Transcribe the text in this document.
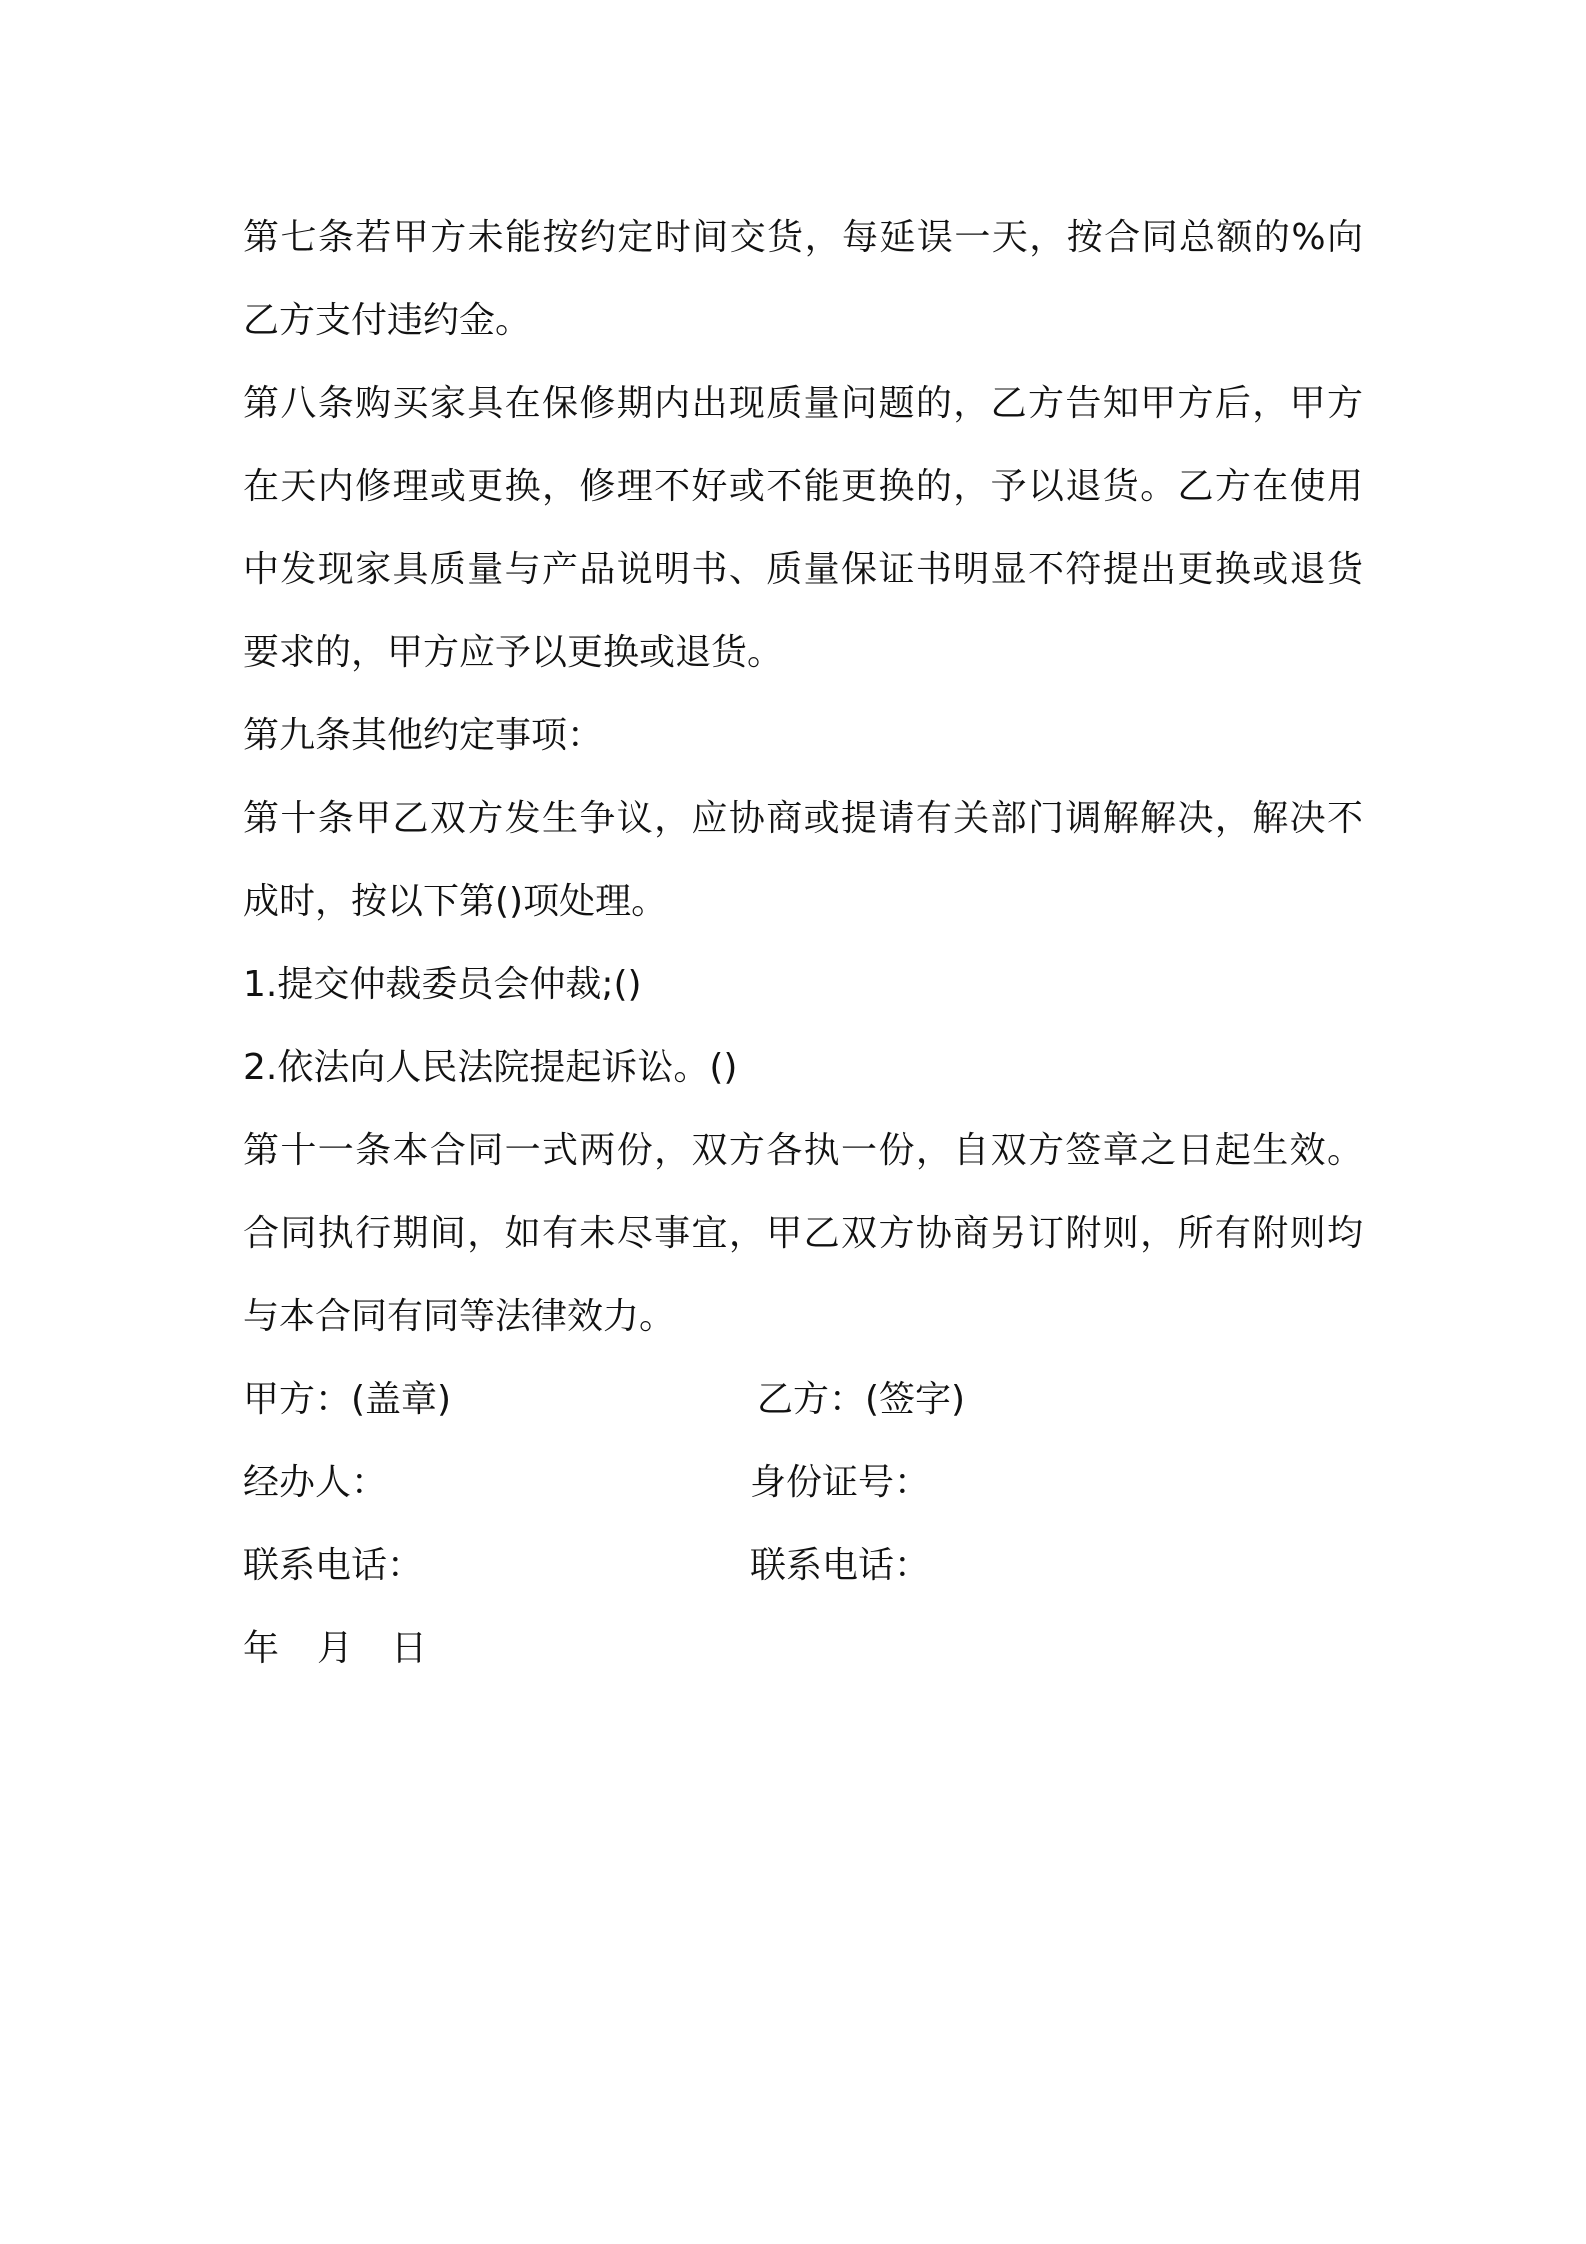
第七条若甲方未能按约定时间交货，每延误一天，按合同总额的%向
乙方支付违约金。
第八条购买家具在保修期内出现质量问题的，乙方告知甲方后，甲方
在天内修理或更换，修理不好或不能更换的，予以退货。乙方在使用
中发现家具质量与产品说明书、质量保证书明显不符提出更换或退货
要求的，甲方应予以更换或退货。
第九条其他约定事项：
第十条甲乙双方发生争议，应协商或提请有关部门调解解决，解决不
成时，按以下第()项处理。
1.提交仲裁委员会仲裁;()
2.依法向人民法院提起诉讼。()
第十一条本合同一式两份，双方各执一份，自双方签章之日起生效。
合同执行期间，如有未尽事宜，甲乙双方协商另订附则，所有附则均
与本合同有同等法律效力。
甲方：(盖章)	乙方：(签字)
经办人：	身份证号：
联系电话：	联系电话：
年 月 日
